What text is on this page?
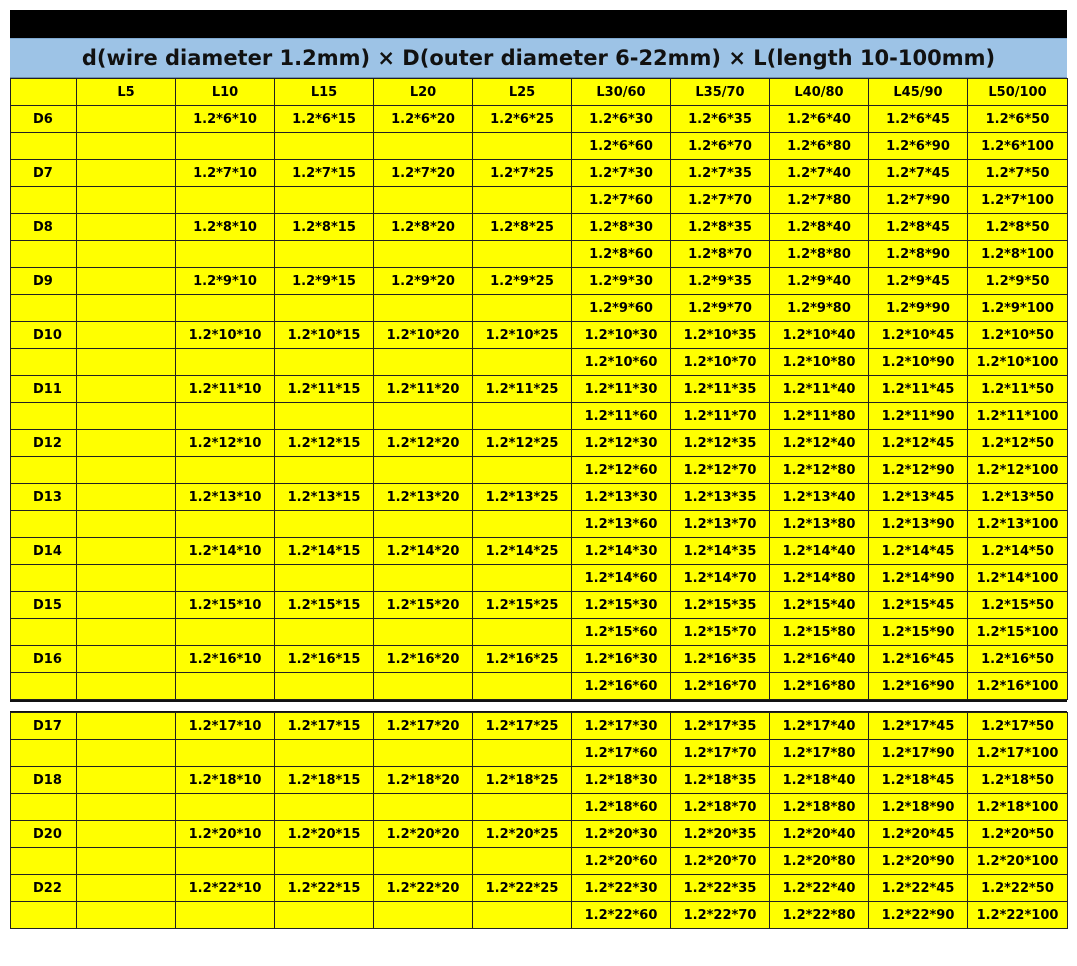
d(wire diameter 1.2mm) × D(outer diameter 6-22mm) × L(length 10-100mm)
	L5	L10	L15	L20	L25	L30/60	L35/70	L40/80	L45/90	L50/100
D6		1.2*6*10	1.2*6*15	1.2*6*20	1.2*6*25	1.2*6*30	1.2*6*35	1.2*6*40	1.2*6*45	1.2*6*50
						1.2*6*60	1.2*6*70	1.2*6*80	1.2*6*90	1.2*6*100
D7		1.2*7*10	1.2*7*15	1.2*7*20	1.2*7*25	1.2*7*30	1.2*7*35	1.2*7*40	1.2*7*45	1.2*7*50
						1.2*7*60	1.2*7*70	1.2*7*80	1.2*7*90	1.2*7*100
D8		1.2*8*10	1.2*8*15	1.2*8*20	1.2*8*25	1.2*8*30	1.2*8*35	1.2*8*40	1.2*8*45	1.2*8*50
						1.2*8*60	1.2*8*70	1.2*8*80	1.2*8*90	1.2*8*100
D9		1.2*9*10	1.2*9*15	1.2*9*20	1.2*9*25	1.2*9*30	1.2*9*35	1.2*9*40	1.2*9*45	1.2*9*50
						1.2*9*60	1.2*9*70	1.2*9*80	1.2*9*90	1.2*9*100
D10		1.2*10*10	1.2*10*15	1.2*10*20	1.2*10*25	1.2*10*30	1.2*10*35	1.2*10*40	1.2*10*45	1.2*10*50
						1.2*10*60	1.2*10*70	1.2*10*80	1.2*10*90	1.2*10*100
D11		1.2*11*10	1.2*11*15	1.2*11*20	1.2*11*25	1.2*11*30	1.2*11*35	1.2*11*40	1.2*11*45	1.2*11*50
						1.2*11*60	1.2*11*70	1.2*11*80	1.2*11*90	1.2*11*100
D12		1.2*12*10	1.2*12*15	1.2*12*20	1.2*12*25	1.2*12*30	1.2*12*35	1.2*12*40	1.2*12*45	1.2*12*50
						1.2*12*60	1.2*12*70	1.2*12*80	1.2*12*90	1.2*12*100
D13		1.2*13*10	1.2*13*15	1.2*13*20	1.2*13*25	1.2*13*30	1.2*13*35	1.2*13*40	1.2*13*45	1.2*13*50
						1.2*13*60	1.2*13*70	1.2*13*80	1.2*13*90	1.2*13*100
D14		1.2*14*10	1.2*14*15	1.2*14*20	1.2*14*25	1.2*14*30	1.2*14*35	1.2*14*40	1.2*14*45	1.2*14*50
						1.2*14*60	1.2*14*70	1.2*14*80	1.2*14*90	1.2*14*100
D15		1.2*15*10	1.2*15*15	1.2*15*20	1.2*15*25	1.2*15*30	1.2*15*35	1.2*15*40	1.2*15*45	1.2*15*50
						1.2*15*60	1.2*15*70	1.2*15*80	1.2*15*90	1.2*15*100
D16		1.2*16*10	1.2*16*15	1.2*16*20	1.2*16*25	1.2*16*30	1.2*16*35	1.2*16*40	1.2*16*45	1.2*16*50
						1.2*16*60	1.2*16*70	1.2*16*80	1.2*16*90	1.2*16*100
D17		1.2*17*10	1.2*17*15	1.2*17*20	1.2*17*25	1.2*17*30	1.2*17*35	1.2*17*40	1.2*17*45	1.2*17*50
						1.2*17*60	1.2*17*70	1.2*17*80	1.2*17*90	1.2*17*100
D18		1.2*18*10	1.2*18*15	1.2*18*20	1.2*18*25	1.2*18*30	1.2*18*35	1.2*18*40	1.2*18*45	1.2*18*50
						1.2*18*60	1.2*18*70	1.2*18*80	1.2*18*90	1.2*18*100
D20		1.2*20*10	1.2*20*15	1.2*20*20	1.2*20*25	1.2*20*30	1.2*20*35	1.2*20*40	1.2*20*45	1.2*20*50
						1.2*20*60	1.2*20*70	1.2*20*80	1.2*20*90	1.2*20*100
D22		1.2*22*10	1.2*22*15	1.2*22*20	1.2*22*25	1.2*22*30	1.2*22*35	1.2*22*40	1.2*22*45	1.2*22*50
						1.2*22*60	1.2*22*70	1.2*22*80	1.2*22*90	1.2*22*100
